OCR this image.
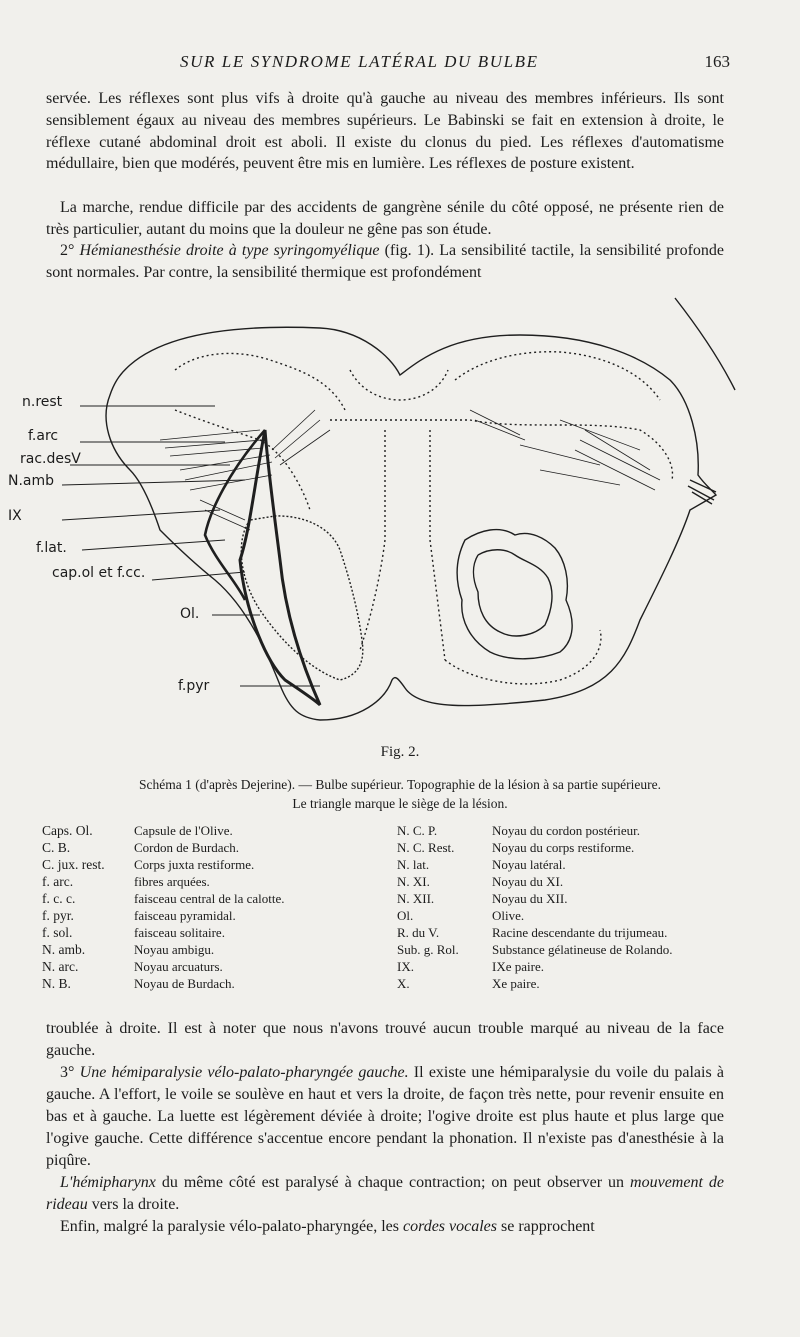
SUR LE SYNDROME LATÉRAL DU BULBE	163

servée. Les réflexes sont plus vifs à droite qu'à gauche au niveau des membres inférieurs. Ils sont sensiblement égaux au niveau des membres supérieurs. Le Babinski se fait en extension à droite, le réflexe cutané abdominal droit est aboli. Il existe du clonus du pied. Les réflexes d'automatisme médullaire, bien que modérés, peuvent être mis en lumière. Les réflexes de posture existent.

La marche, rendue difficile par des accidents de gangrène sénile du côté opposé, ne présente rien de très particulier, autant du moins que la douleur ne gêne pas son étude.

2° Hémianesthésie droite à type syringomyélique (fig. 1). La sensibilité tactile, la sensibilité profonde sont normales. Par contre, la sensibilité thermique est profondément

n.rest
f.arc
rac.desV
N.amb
IX
f.lat.
cap.ol et f.cc.
Ol.
f.pyr
Fig. 2.
Schéma 1 (d'après Dejerine). — Bulbe supérieur. Topographie de la lésion à sa partie supérieure.
Le triangle marque le siège de la lésion.
Caps. Ol.
C. B.
C. jux. rest.
f. arc.
f. c. c.
f. pyr.
f. sol.
N. amb.
N. arc.
N. B.
Capsule de l'Olive.
Cordon de Burdach.
Corps juxta restiforme.
fibres arquées.
faisceau central de la calotte.
faisceau pyramidal.
faisceau solitaire.
Noyau ambigu.
Noyau arcuaturs.
Noyau de Burdach.
N. C. P.
N. C. Rest.
N. lat.
N. XI.
N. XII.
Ol.
R. du V.
Sub. g. Rol.
IX.
X.
Noyau du cordon postérieur.
Noyau du corps restiforme.
Noyau latéral.
Noyau du XI.
Noyau du XII.
Olive.
Racine descendante du trijumeau.
Substance gélatineuse de Rolando.
IXe paire.
Xe paire.

troublée à droite. Il est à noter que nous n'avons trouvé aucun trouble marqué au niveau de la face gauche.

3° Une hémiparalysie vélo-palato-pharyngée gauche. Il existe une hémiparalysie du voile du palais à gauche. A l'effort, le voile se soulève en haut et vers la droite, de façon très nette, pour revenir ensuite en bas et à gauche. La luette est légèrement déviée à droite; l'ogive droite est plus haute et plus large que l'ogive gauche. Cette différence s'accentue encore pendant la phonation. Il n'existe pas d'anesthésie à la piqûre.

L'hémipharynx du même côté est paralysé à chaque contraction; on peut observer un mouvement de rideau vers la droite.

Enfin, malgré la paralysie vélo-palato-pharyngée, les cordes vocales se rapprochent
